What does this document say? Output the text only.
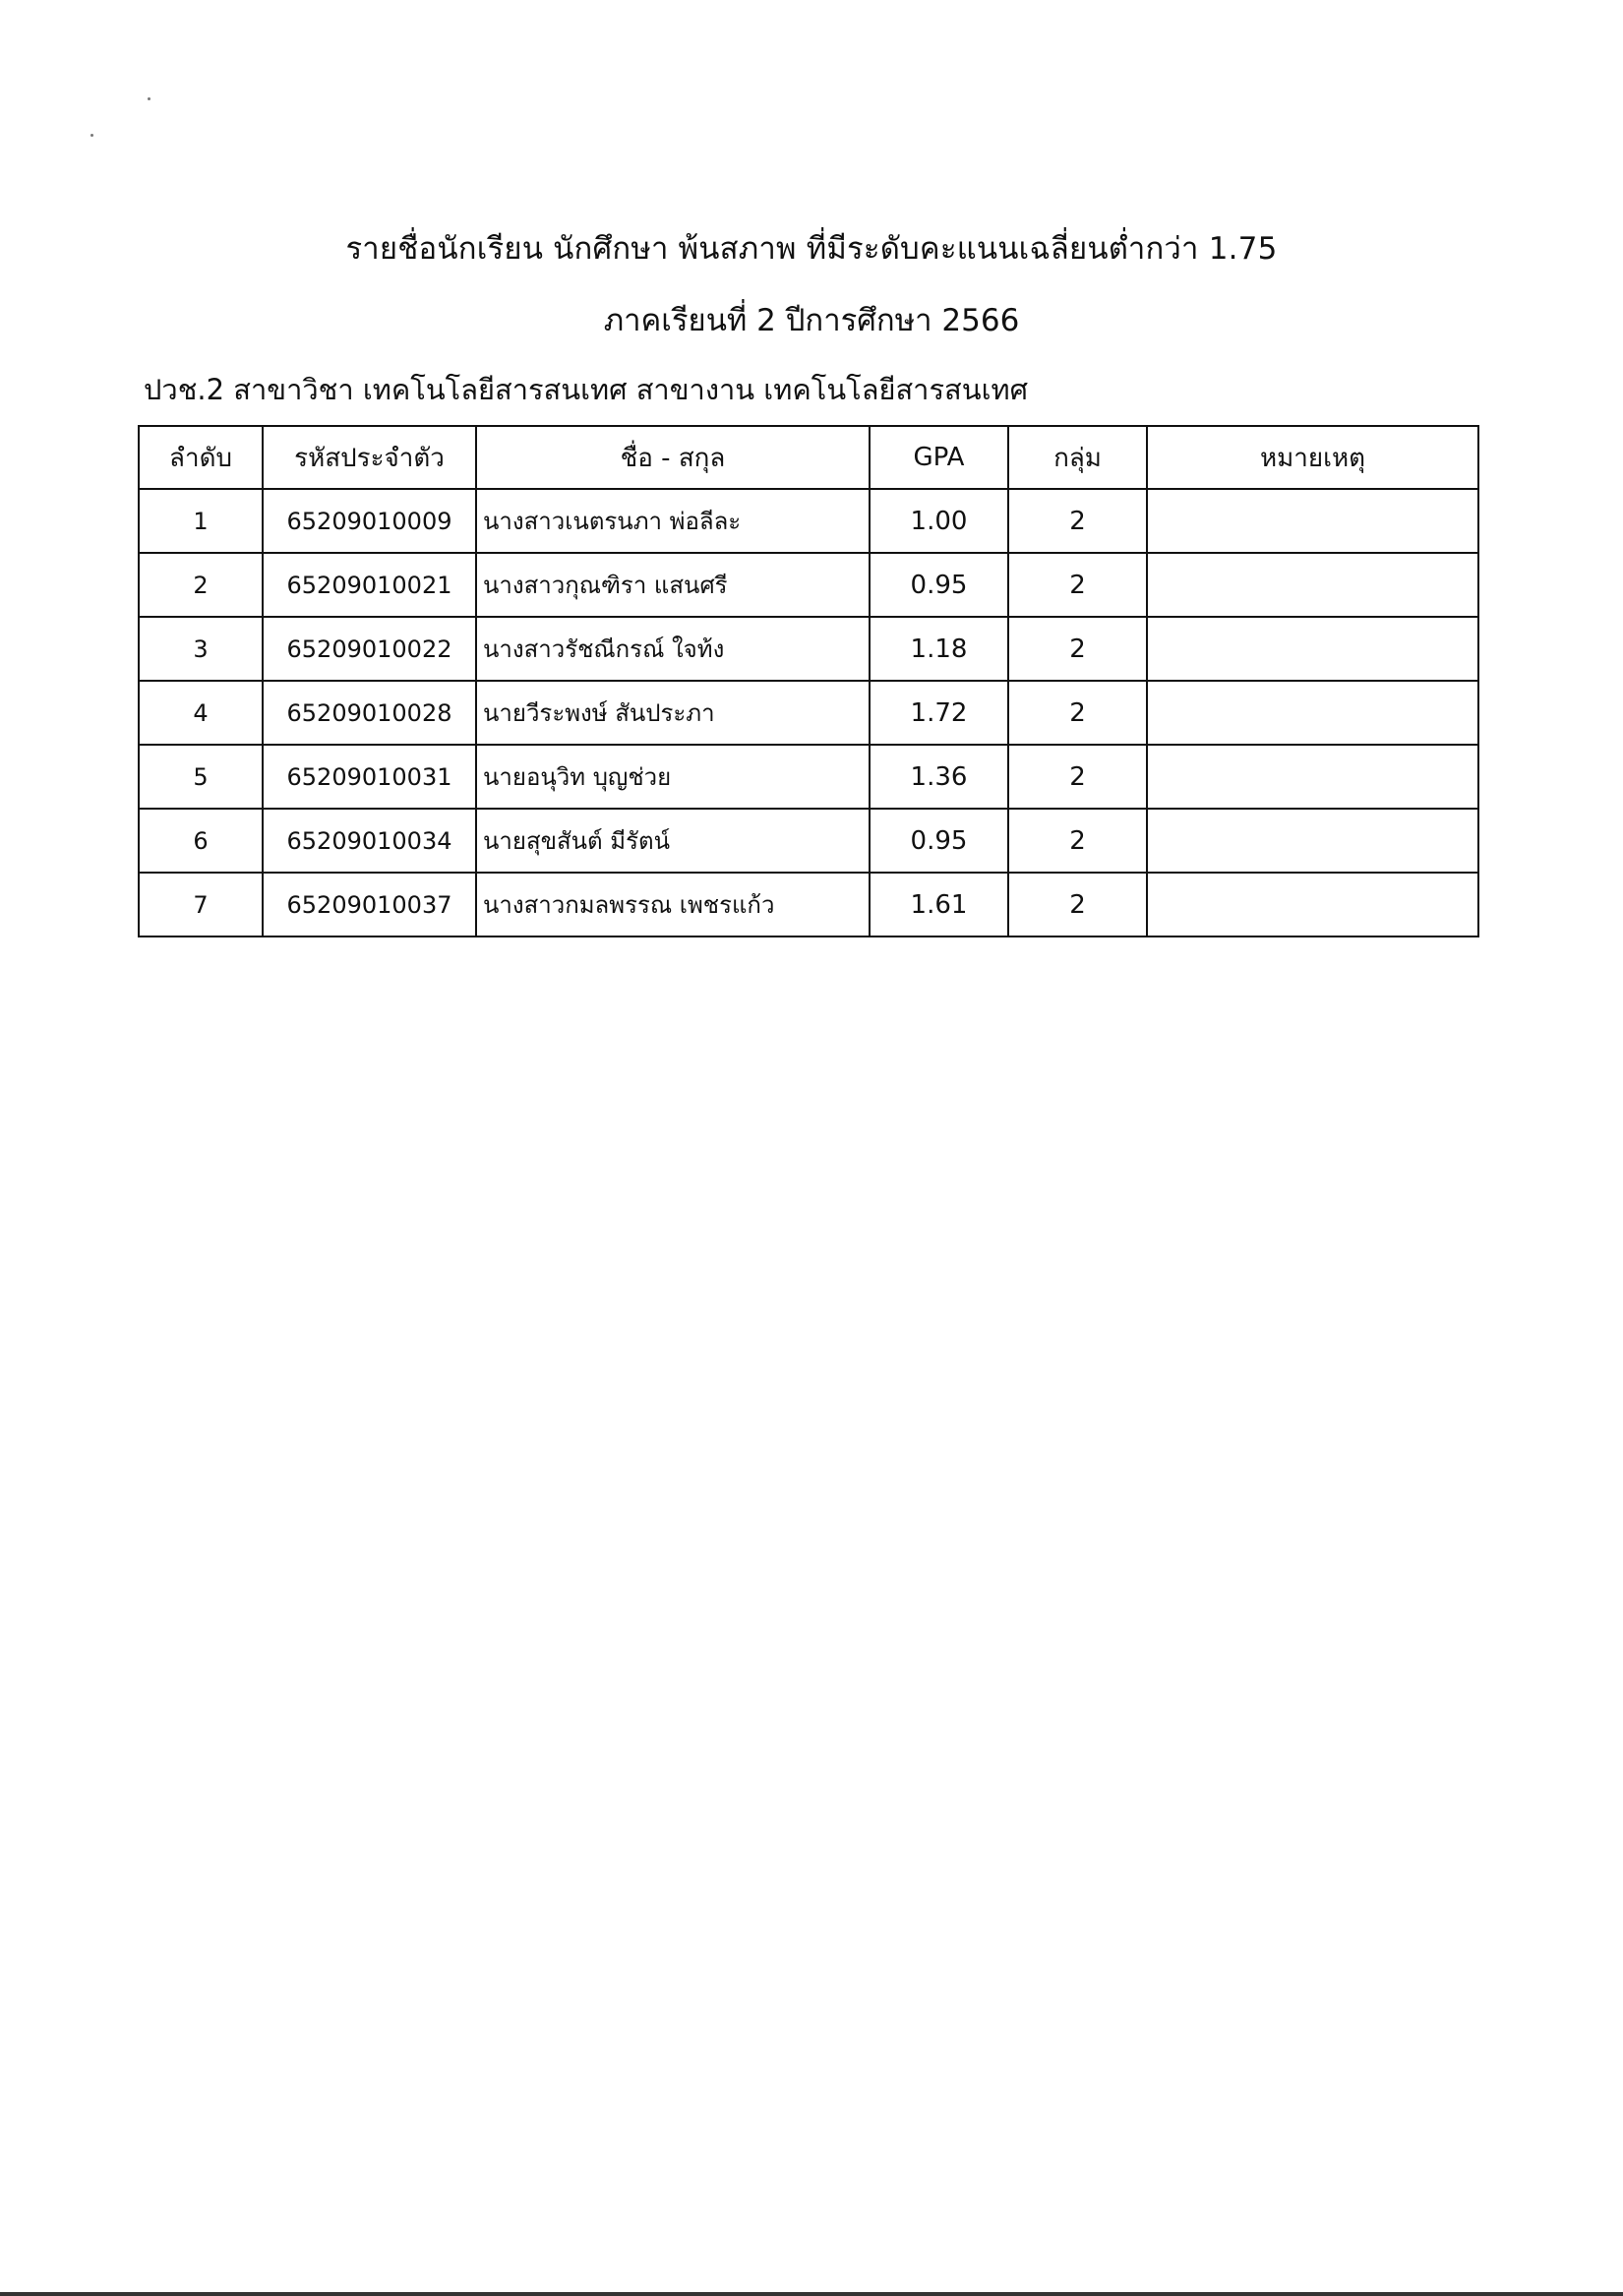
รายชื่อนักเรียน นักศึกษา พ้นสภาพ ที่มีระดับคะแนนเฉลี่ยนต่ำกว่า 1.75
ภาคเรียนที่ 2 ปีการศึกษา 2566
ปวช.2 สาขาวิชา เทคโนโลยีสารสนเทศ สาขางาน เทคโนโลยีสารสนเทศ
ลำดับ	รหัสประจำตัว	ชื่อ - สกุล	GPA	กลุ่ม	หมายเหตุ
1	65209010009	นางสาวเนตรนภา พ่อลีละ	1.00	2	
2	65209010021	นางสาวกุณฑิรา แสนศรี	0.95	2	
3	65209010022	นางสาวรัชณีกรณ์ ใจท้ง	1.18	2	
4	65209010028	นายวีระพงษ์ สันประภา	1.72	2	
5	65209010031	นายอนุวิท บุญช่วย	1.36	2	
6	65209010034	นายสุขสันต์ มีรัตน์	0.95	2	
7	65209010037	นางสาวกมลพรรณ เพชรแก้ว	1.61	2	
